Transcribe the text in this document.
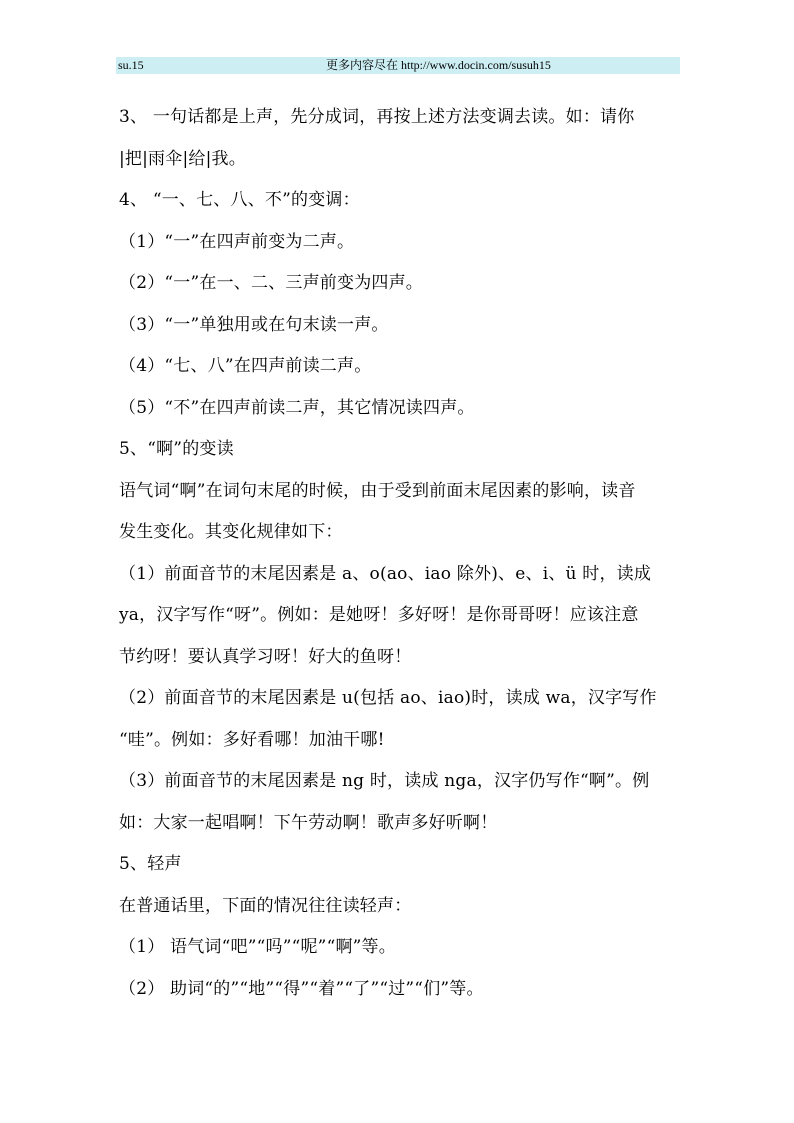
su.15	更多内容尽在 http://www.docin.com/susuh15
3、 一句话都是上声，先分成词，再按上述方法变调去读。如：请你
|把|雨伞|给|我。
4、 “一、七、八、不”的变调：
（1）“一”在四声前变为二声。
（2）“一”在一、二、三声前变为四声。
（3）“一”单独用或在句末读一声。
（4）“七、八”在四声前读二声。
（5）“不”在四声前读二声，其它情况读四声。
5、“啊”的变读
语气词“啊”在词句末尾的时候，由于受到前面末尾因素的影响，读音
发生变化。其变化规律如下：
（1）前面音节的末尾因素是 a、o(ao、iao 除外)、e、i、ü 时，读成
ya，汉字写作“呀”。例如：是她呀！多好呀！是你哥哥呀！应该注意
节约呀！要认真学习呀！好大的鱼呀！
（2）前面音节的末尾因素是 u(包括 ao、iao)时，读成 wa，汉字写作
“哇”。例如：多好看哪！加油干哪!
（3）前面音节的末尾因素是 ng 时，读成 nga，汉字仍写作“啊”。例
如：大家一起唱啊！下午劳动啊！歌声多好听啊！
5、轻声
在普通话里，下面的情况往往读轻声：
（1） 语气词“吧”“吗”“呢”“啊”等。
（2） 助词“的”“地”“得”“着”“了”“过”“们”等。
